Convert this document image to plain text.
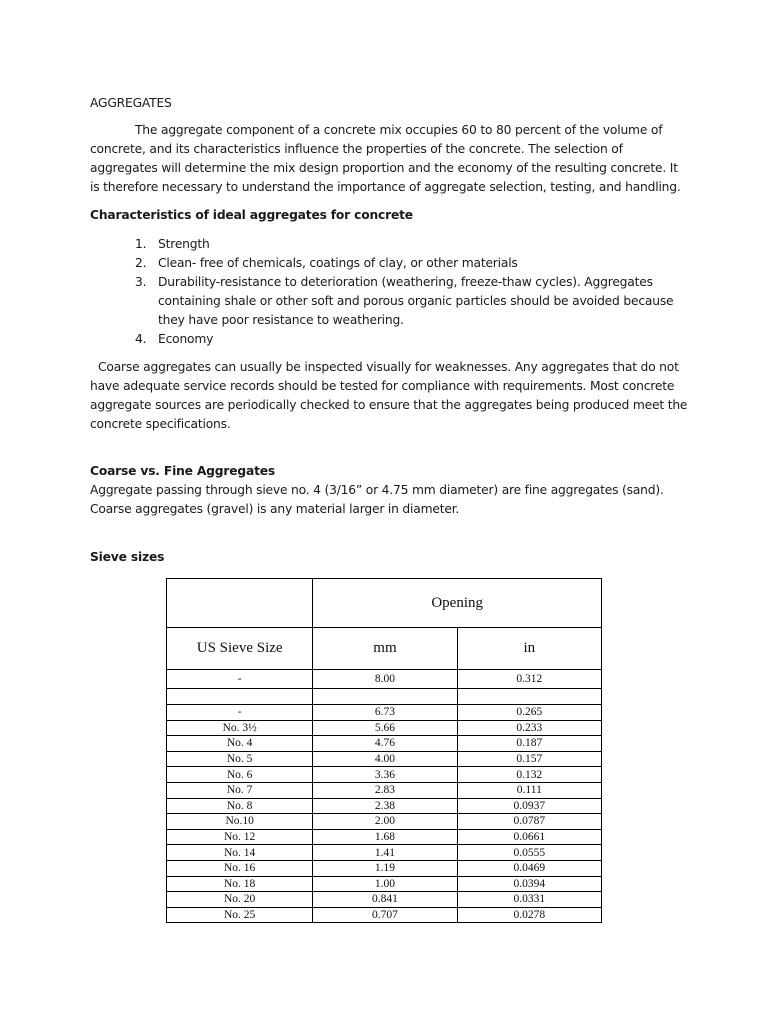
AGGREGATES
The aggregate component of a concrete mix occupies 60 to 80 percent of the volume of concrete, and its characteristics influence the properties of the concrete. The selection of aggregates will determine the mix design proportion and the economy of the resulting concrete. It is therefore necessary to understand the importance of aggregate selection, testing, and handling.
Characteristics of ideal aggregates for concrete
1. Strength
2. Clean- free of chemicals, coatings of clay, or other materials
3. Durability-resistance to deterioration (weathering, freeze-thaw cycles). Aggregates containing shale or other soft and porous organic particles should be avoided because they have poor resistance to weathering.
4. Economy
Coarse aggregates can usually be inspected visually for weaknesses. Any aggregates that do not have adequate service records should be tested for compliance with requirements. Most concrete aggregate sources are periodically checked to ensure that the aggregates being produced meet the concrete specifications.
Coarse vs. Fine Aggregates
Aggregate passing through sieve no. 4 (3/16” or 4.75 mm diameter) are fine aggregates (sand). Coarse aggregates (gravel) is any material larger in diameter.
Sieve sizes
	Opening	
US Sieve Size	mm	in
-	8.00	0.312

-	6.73	0.265
No. 3½	5.66	0.233
No. 4	4.76	0.187
No. 5	4.00	0.157
No. 6	3.36	0.132
No. 7	2.83	0.111
No. 8	2.38	0.0937
No.10	2.00	0.0787
No. 12	1.68	0.0661
No. 14	1.41	0.0555
No. 16	1.19	0.0469
No. 18	1.00	0.0394
No. 20	0.841	0.0331
No. 25	0.707	0.0278
